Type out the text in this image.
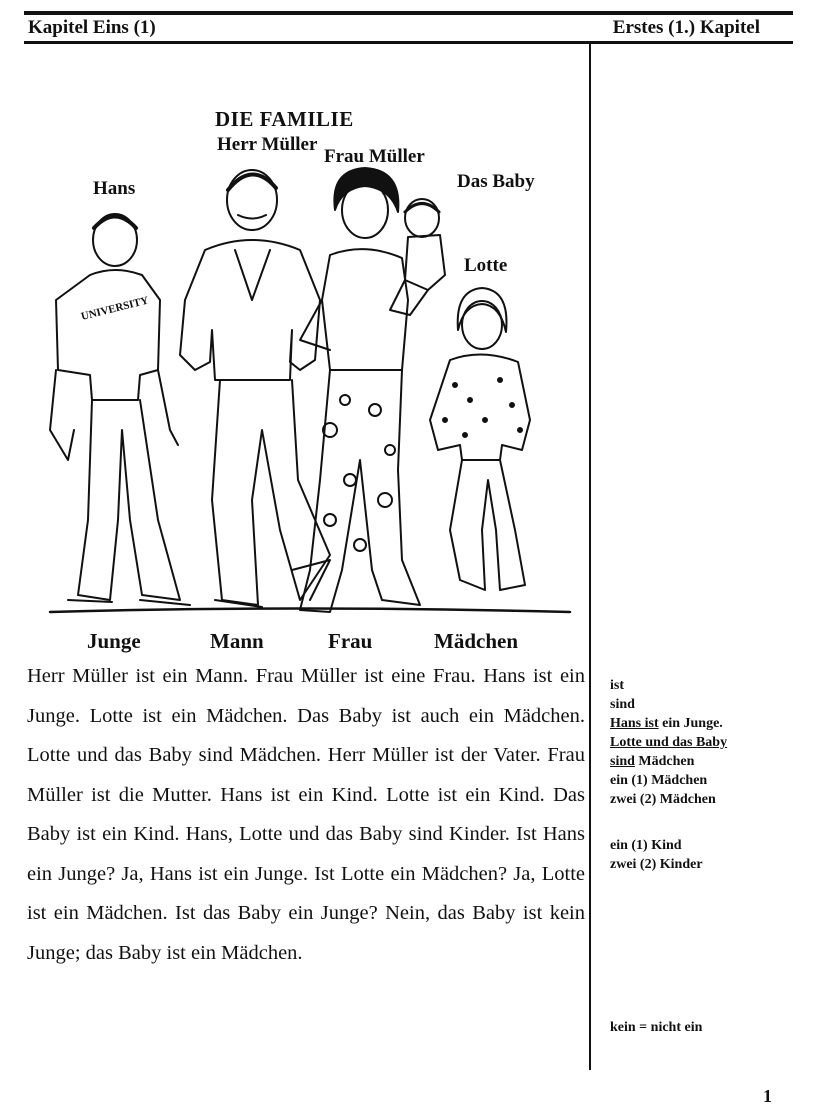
Kapitel Eins (1)	Erstes (1.) Kapitel
UNIVERSITY
DIE FAMILIE
Herr Müller
Frau Müller
Hans	Das Baby
Lotte
Junge	Mann	Frau	Mädchen
Herr Müller ist ein Mann. Frau Müller ist eine Frau. Hans ist ein Junge. Lotte ist ein Mädchen. Das Baby ist auch ein Mädchen. Lotte und das Baby sind Mädchen. Herr Müller ist der Vater. Frau Müller ist die Mutter. Hans ist ein Kind. Lotte ist ein Kind. Das Baby ist ein Kind. Hans, Lotte und das Baby sind Kinder. Ist Hans ein Junge? Ja, Hans ist ein Junge. Ist Lotte ein Mädchen? Ja, Lotte ist ein Mädchen. Ist das Baby ein Junge? Nein, das Baby ist kein Junge; das Baby ist ein Mädchen.
ist
sind
Hans ist ein Junge.
Lotte und das Baby
sind Mädchen
ein (1) Mädchen
zwei (2) Mädchen
ein (1) Kind
zwei (2) Kinder
kein = nicht ein
1
